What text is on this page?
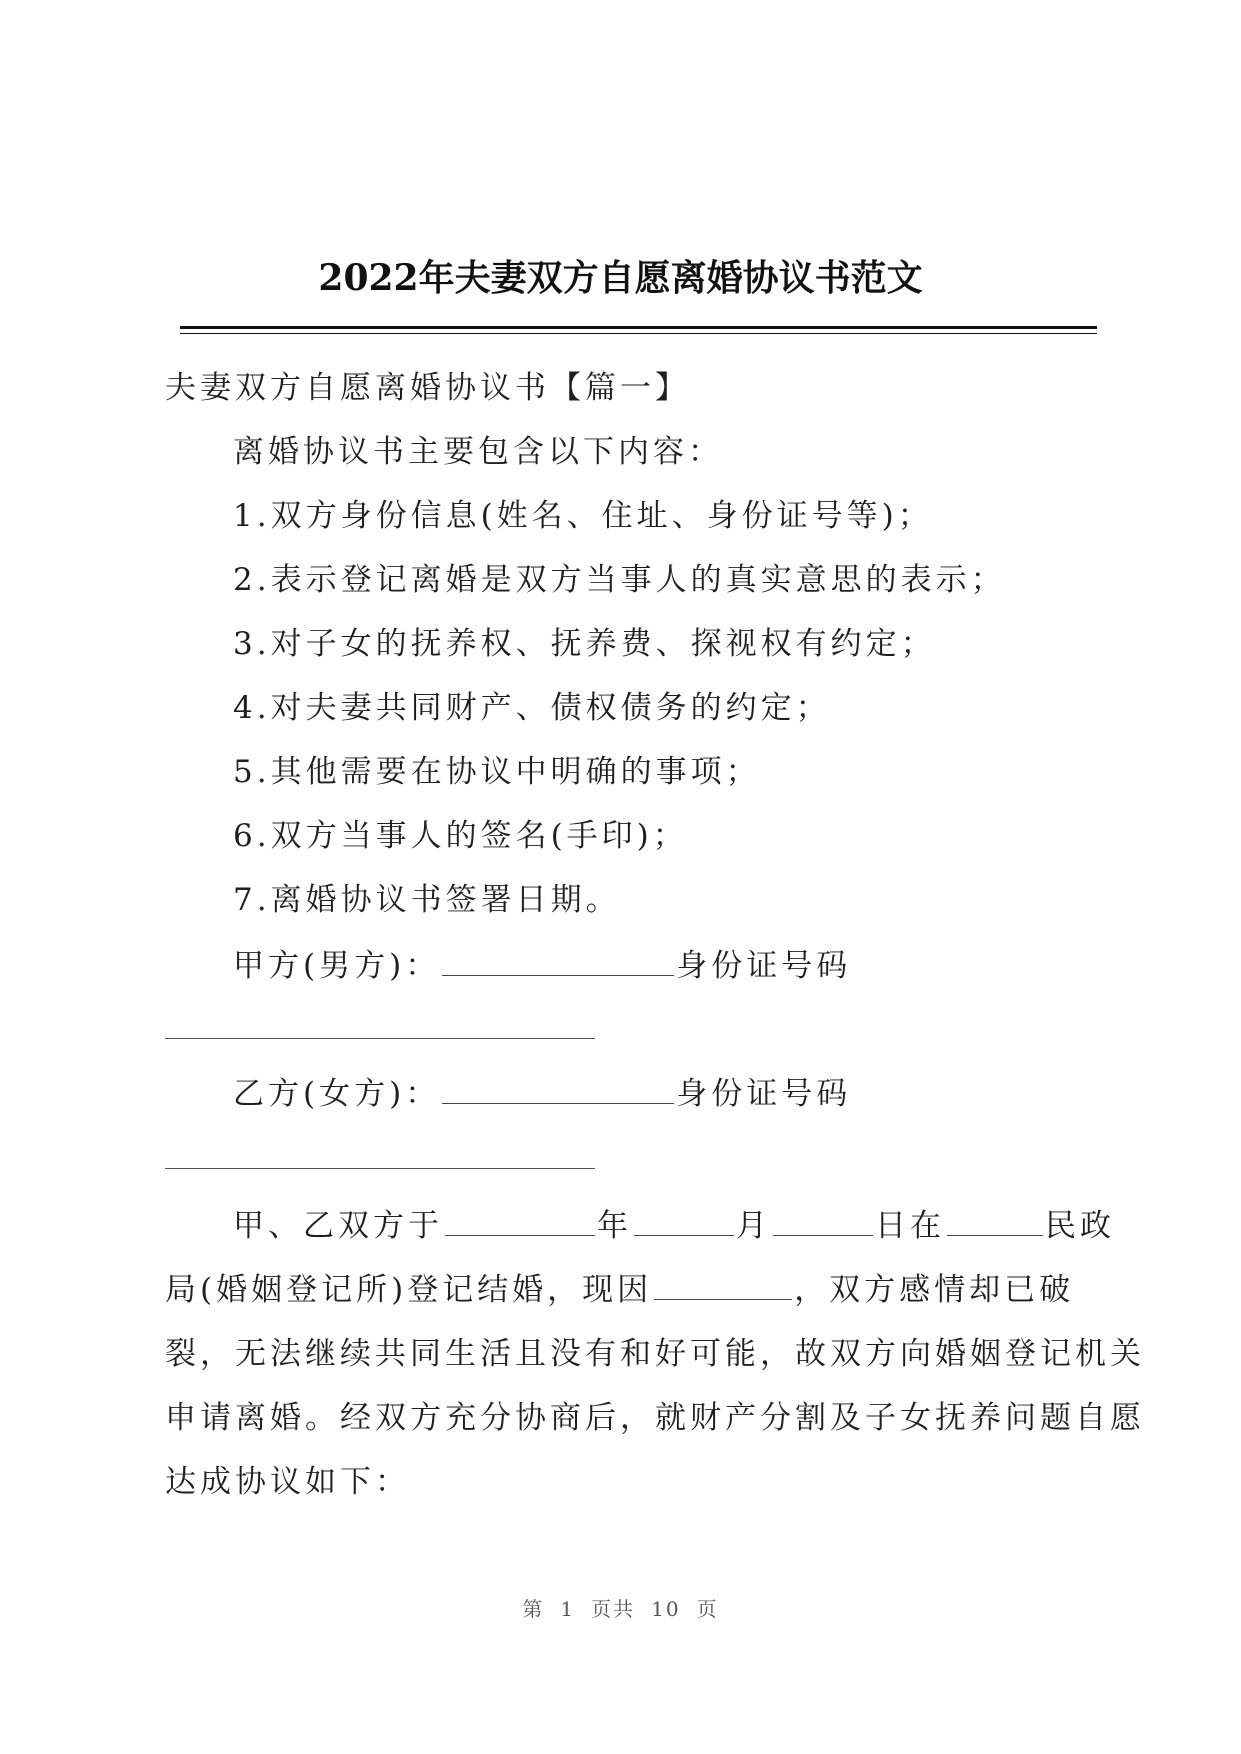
2022年夫妻双方自愿离婚协议书范文
夫妻双方自愿离婚协议书【篇一】
离婚协议书主要包含以下内容：
1.双方身份信息(姓名、住址、身份证号等)；
2.表示登记离婚是双方当事人的真实意思的表示；
3.对子女的抚养权、抚养费、探视权有约定；
4.对夫妻共同财产、债权债务的约定；
5.其他需要在协议中明确的事项；
6.双方当事人的签名(手印)；
7.离婚协议书签署日期。
甲方(男方)：	身份证号码
乙方(女方)：	身份证号码
甲、乙双方于	年	月	日在	民政
局(婚姻登记所)登记结婚，现因	，双方感情却已破
裂，无法继续共同生活且没有和好可能，故双方向婚姻登记机关
申请离婚。经双方充分协商后，就财产分割及子女抚养问题自愿
达成协议如下：
第 1 页共 10 页
